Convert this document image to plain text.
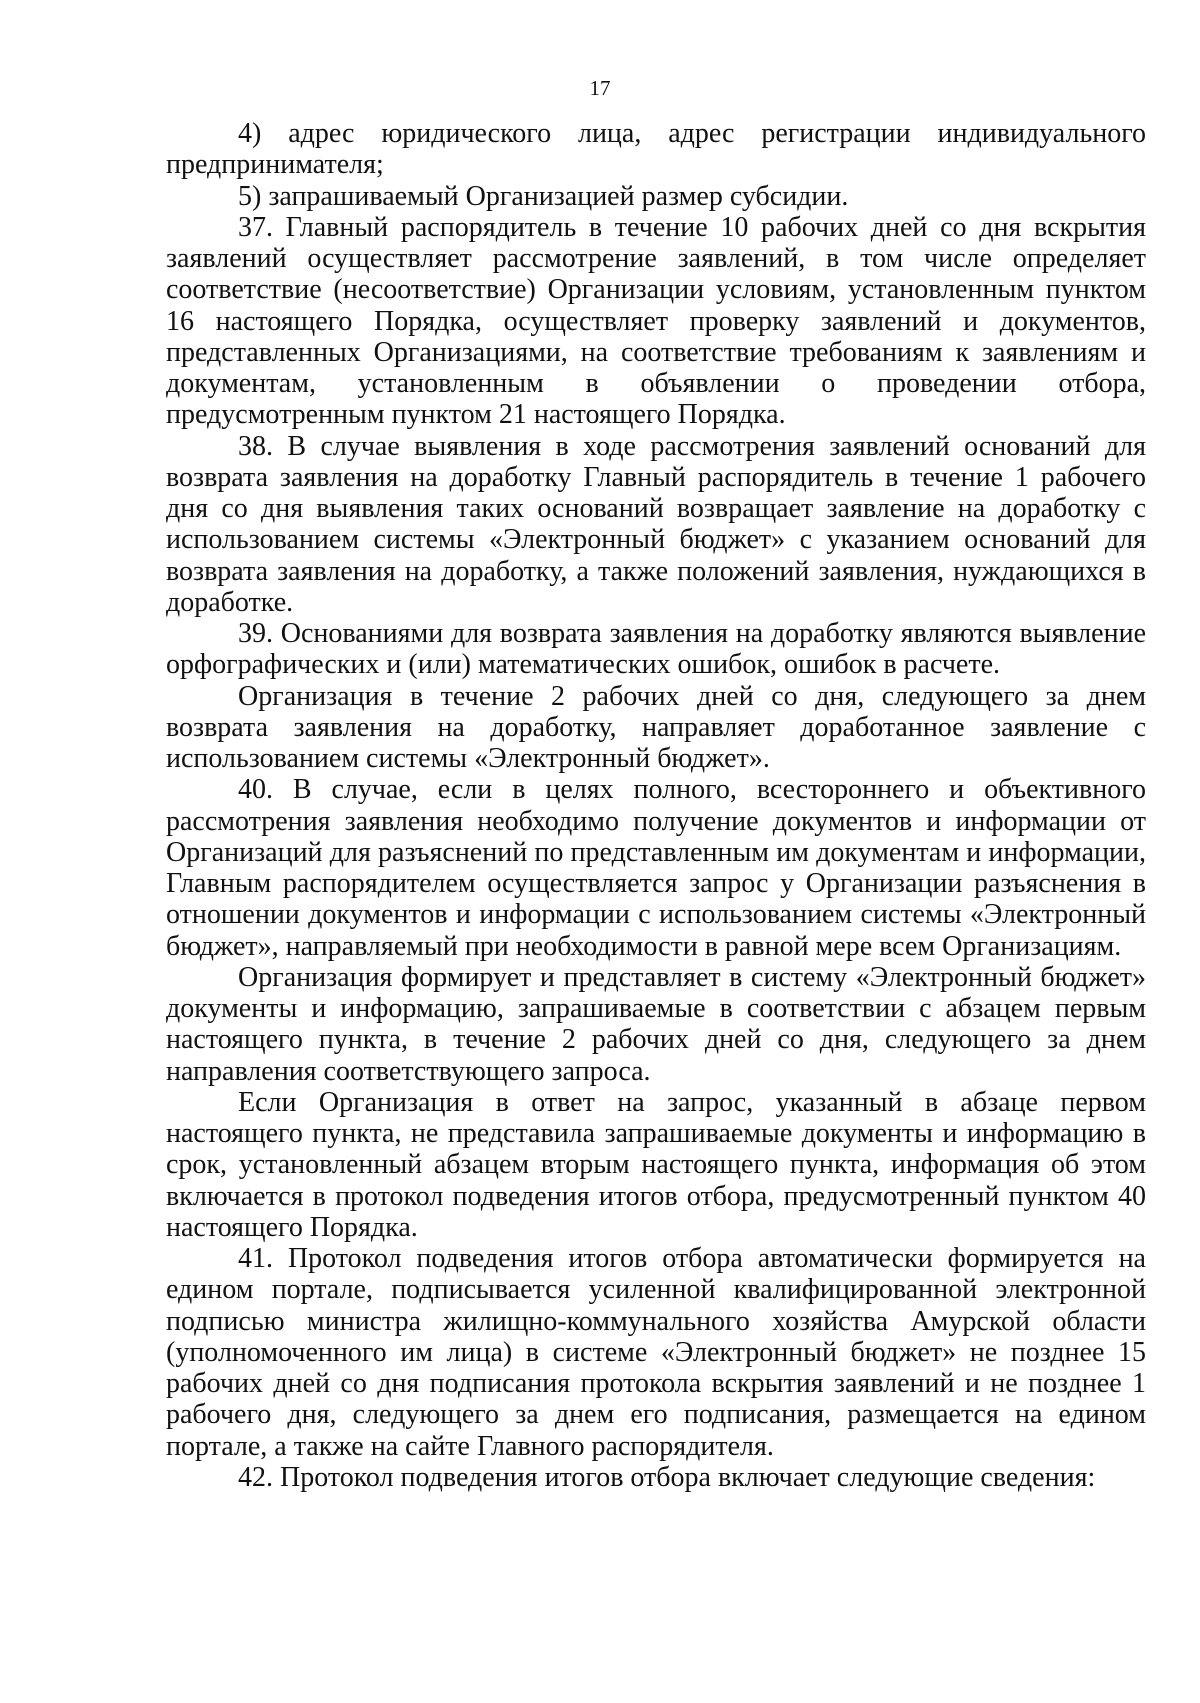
17

4) адрес юридического лица, адрес регистрации индивидуального предпринимателя;

5) запрашиваемый Организацией размер субсидии.

37. Главный распорядитель в течение 10 рабочих дней со дня вскрытия заявлений осуществляет рассмотрение заявлений, в том числе определяет соответствие (несоответствие) Организации условиям, установленным пунктом 16 настоящего Порядка, осуществляет проверку заявлений и документов, представленных Организациями, на соответствие требованиям к заявлениям и документам, установленным в объявлении о проведении отбора, предусмотренным пунктом 21 настоящего Порядка.

38. В случае выявления в ходе рассмотрения заявлений оснований для возврата заявления на доработку Главный распорядитель в течение 1 рабочего дня со дня выявления таких оснований возвращает заявление на доработку с использованием системы «Электронный бюджет» с указанием оснований для возврата заявления на доработку, а также положений заявления, нуждающихся в доработке.

39. Основаниями для возврата заявления на доработку являются выявление орфографических и (или) математических ошибок, ошибок в расчете.

Организация в течение 2 рабочих дней со дня, следующего за днем возврата заявления на доработку, направляет доработанное заявление с использованием системы «Электронный бюджет».

40. В случае, если в целях полного, всестороннего и объективного рассмотрения заявления необходимо получение документов и информации от Организаций для разъяснений по представленным им документам и информации, Главным распорядителем осуществляется запрос у Организации разъяснения в отношении документов и информации с использованием системы «Электронный бюджет», направляемый при необходимости в равной мере всем Организациям.

Организация формирует и представляет в систему «Электронный бюджет» документы и информацию, запрашиваемые в соответствии с абзацем первым настоящего пункта, в течение 2 рабочих дней со дня, следующего за днем направления соответствующего запроса.

Если Организация в ответ на запрос, указанный в абзаце первом настоящего пункта, не представила запрашиваемые документы и информацию в срок, установленный абзацем вторым настоящего пункта, информация об этом включается в протокол подведения итогов отбора, предусмотренный пунктом 40 настоящего Порядка.

41. Протокол подведения итогов отбора автоматически формируется на едином портале, подписывается усиленной квалифицированной электронной подписью министра жилищно-коммунального хозяйства Амурской области (уполномоченного им лица) в системе «Электронный бюджет» не позднее 15 рабочих дней со дня подписания протокола вскрытия заявлений и не позднее 1 рабочего дня, следующего за днем его подписания, размещается на едином портале, а также на сайте Главного распорядителя.

42. Протокол подведения итогов отбора включает следующие сведения:
